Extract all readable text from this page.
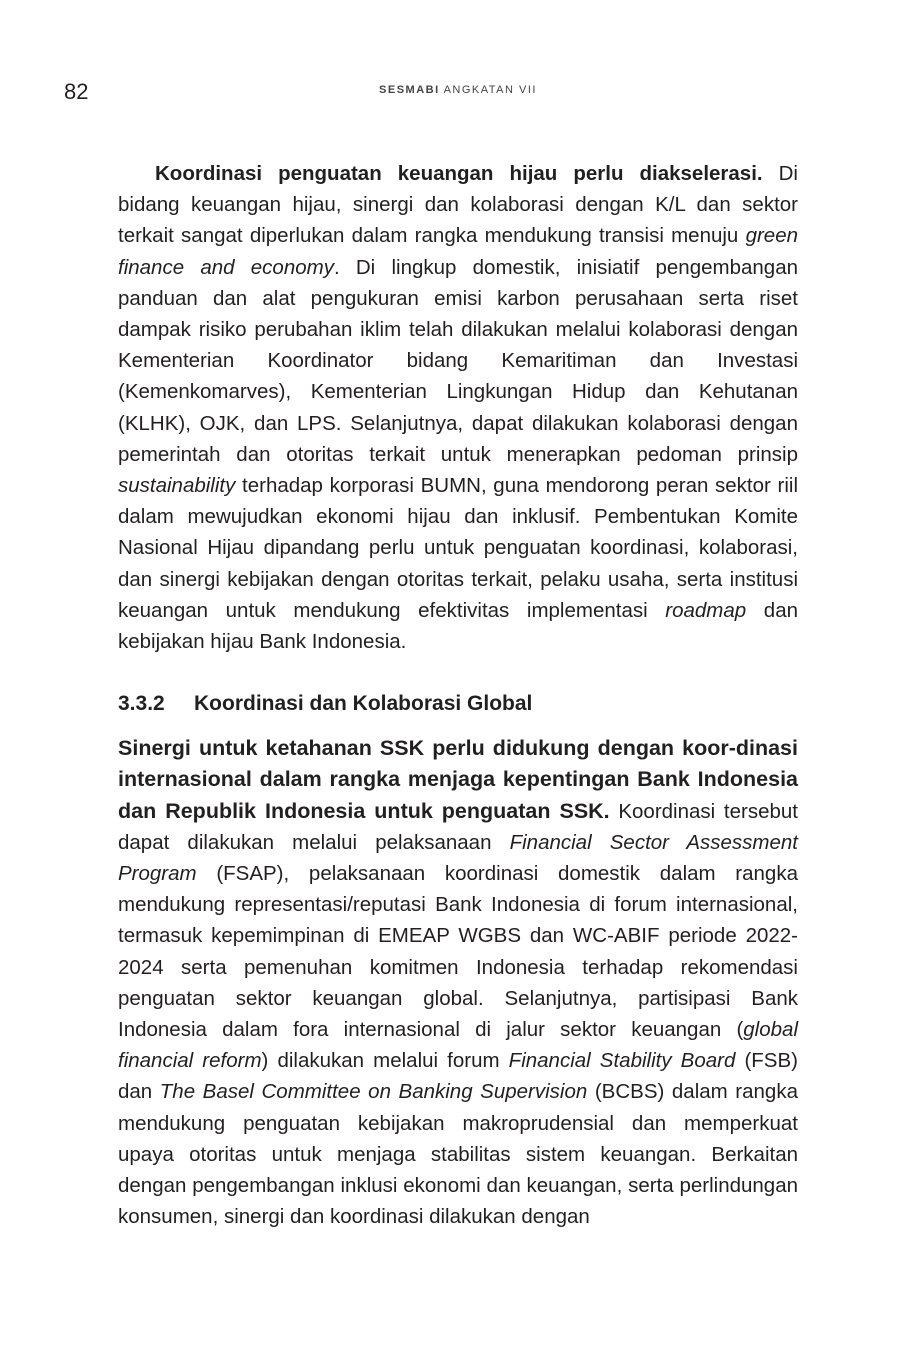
82	SESMABI ANGKATAN VII

Koordinasi penguatan keuangan hijau perlu diakselerasi. Di bidang keuangan hijau, sinergi dan kolaborasi dengan K/L dan sektor terkait sangat diperlukan dalam rangka mendukung transisi menuju green finance and economy. Di lingkup domestik, inisiatif pengembangan panduan dan alat pengukuran emisi karbon perusahaan serta riset dampak risiko perubahan iklim telah dilakukan melalui kolaborasi dengan Kementerian Koordinator bidang Kemaritiman dan Investasi (Kemenkomarves), Kementerian Lingkungan Hidup dan Kehutanan (KLHK), OJK, dan LPS. Selanjutnya, dapat dilakukan kolaborasi dengan pemerintah dan otoritas terkait untuk menerapkan pedoman prinsip sustainability terhadap korporasi BUMN, guna mendorong peran sektor riil dalam mewujudkan ekonomi hijau dan inklusif. Pembentukan Komite Nasional Hijau dipandang perlu untuk penguatan koordinasi, kolaborasi, dan sinergi kebijakan dengan otoritas terkait, pelaku usaha, serta institusi keuangan untuk mendukung efektivitas implementasi roadmap dan kebijakan hijau Bank Indonesia.

3.3.2	Koordinasi dan Kolaborasi Global

Sinergi untuk ketahanan SSK perlu didukung dengan koor-dinasi internasional dalam rangka menjaga kepentingan Bank Indonesia dan Republik Indonesia untuk penguatan SSK. Koordinasi tersebut dapat dilakukan melalui pelaksanaan Financial Sector Assessment Program (FSAP), pelaksanaan koordinasi domestik dalam rangka mendukung representasi/reputasi Bank Indonesia di forum internasional, termasuk kepemimpinan di EMEAP WGBS dan WC-ABIF periode 2022-2024 serta pemenuhan komitmen Indonesia terhadap rekomendasi penguatan sektor keuangan global. Selanjutnya, partisipasi Bank Indonesia dalam fora internasional di jalur sektor keuangan (global financial reform) dilakukan melalui forum Financial Stability Board (FSB) dan The Basel Committee on Banking Supervision (BCBS) dalam rangka mendukung penguatan kebijakan makroprudensial dan memperkuat upaya otoritas untuk menjaga stabilitas sistem keuangan. Berkaitan dengan pengembangan inklusi ekonomi dan keuangan, serta perlindungan konsumen, sinergi dan koordinasi dilakukan dengan
